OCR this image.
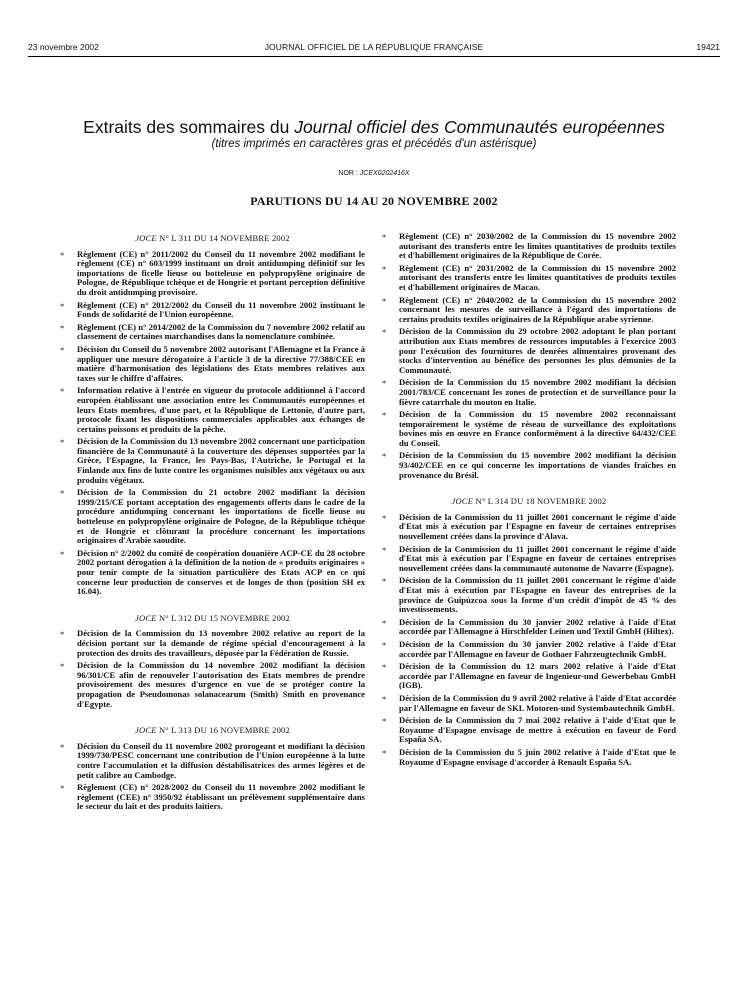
23 novembre 2002	JOURNAL OFFICIEL DE LA RÉPUBLIQUE FRANÇAISE	19421
Extraits des sommaires du Journal officiel des Communautés européennes
(titres imprimés en caractères gras et précédés d'un astérisque)
NOR : JCEX0202416X
PARUTIONS DU 14 AU 20 NOVEMBRE 2002
JOCE N° L 311 DU 14 NOVEMBRE 2002
* Règlement (CE) n° 2011/2002 du Conseil du 11 novembre 2002 modifiant le règlement (CE) n° 603/1999 instituant un droit antidumping définitif sur les importations de ficelle lieuse ou botteleuse en polypropylène originaire de Pologne, de République tchèque et de Hongrie et portant perception définitive du droit antidumping provisoire.
* Règlement (CE) n° 2012/2002 du Conseil du 11 novembre 2002 instituant le Fonds de solidarité de l'Union européenne.
* Règlement (CE) n° 2014/2002 de la Commission du 7 novembre 2002 relatif au classement de certaines marchandises dans la nomenclature combinée.
* Décision du Conseil du 5 novembre 2002 autorisant l'Allemagne et la France à appliquer une mesure dérogatoire à l'article 3 de la directive 77/388/CEE en matière d'harmonisation des législations des Etats membres relatives aux taxes sur le chiffre d'affaires.
* Information relative à l'entrée en vigueur du protocole additionnel à l'accord européen établissant une association entre les Communautés européennes et leurs Etats membres, d'une part, et la République de Lettonie, d'autre part, protocole fixant les dispositions commerciales applicables aux échanges de certains poissons et produits de la pêche.
* Décision de la Commission du 13 novembre 2002 concernant une participation financière de la Communauté à la couverture des dépenses supportées par la Grèce, l'Espagne, la France, les Pays-Bas, l'Autriche, le Portugal et la Finlande aux fins de lutte contre les organismes nuisibles aux végétaux ou aux produits végétaux.
* Décision de la Commission du 21 octobre 2002 modifiant la décision 1999/215/CE portant acceptation des engagements offerts dans le cadre de la procédure antidumping concernant les importations de ficelle lieuse ou botteleuse en polypropylène originaire de Pologne, de la République tchèque et de Hongrie et clôturant la procédure concernant les importations originaires d'Arabie saoudite.
* Décision n° 2/2002 du comité de coopération douanière ACP-CE du 28 octobre 2002 portant dérogation à la définition de la notion de « produits originaires » pour tenir compte de la situation particulière des Etats ACP en ce qui concerne leur production de conserves et de longes de thon (position SH ex 16.04).
JOCE N° L 312 DU 15 NOVEMBRE 2002
* Décision de la Commission du 13 novembre 2002 relative au report de la décision portant sur la demande de régime spécial d'encouragement à la protection des droits des travailleurs, déposée par la Fédération de Russie.
* Décision de la Commission du 14 novembre 2002 modifiant la décision 96/301/CE afin de renouveler l'autorisation des Etats membres de prendre provisoirement des mesures d'urgence en vue de se protéger contre la propagation de Pseudomonas solanacearum (Smith) Smith en provenance d'Egypte.
JOCE N° L 313 DU 16 NOVEMBRE 2002
* Décision du Conseil du 11 novembre 2002 prorogeant et modifiant la décision 1999/730/PESC concernant une contribution de l'Union européenne à la lutte contre l'accumulation et la diffusion déstabilisatrices des armes légères et de petit calibre au Cambodge.
* Règlement (CE) n° 2028/2002 du Conseil du 11 novembre 2002 modifiant le règlement (CEE) n° 3950/92 établissant un prélèvement supplémentaire dans le secteur du lait et des produits laitiers.
* Règlement (CE) n° 2030/2002 de la Commission du 15 novembre 2002 autorisant des transferts entre les limites quantitatives de produits textiles et d'habillement originaires de la République de Corée.
* Règlement (CE) n° 2031/2002 de la Commission du 15 novembre 2002 autorisant des transferts entre les limites quantitatives de produits textiles et d'habillement originaires de Macao.
* Règlement (CE) n° 2040/2002 de la Commission du 15 novembre 2002 concernant les mesures de surveillance à l'égard des importations de certains produits textiles originaires de la République arabe syrienne.
* Décision de la Commission du 29 octobre 2002 adoptant le plan portant attribution aux Etats membres de ressources imputables à l'exercice 2003 pour l'exécution des fournitures de denrées alimentaires provenant des stocks d'intervention au bénéfice des personnes les plus démunies de la Communauté.
* Décision de la Commission du 15 novembre 2002 modifiant la décision 2001/783/CE concernant les zones de protection et de surveillance pour la fièvre catarrhale du mouton en Italie.
* Décision de la Commission du 15 novembre 2002 reconnaissant temporairement le système de réseau de surveillance des exploitations bovines mis en œuvre en France conformément à la directive 64/432/CEE du Conseil.
* Décision de la Commission du 15 novembre 2002 modifiant la décision 93/402/CEE en ce qui concerne les importations de viandes fraîches en provenance du Brésil.
JOCE N° L 314 DU 18 NOVEMBRE 2002
* Décision de la Commission du 11 juillet 2001 concernant le régime d'aide d'Etat mis à exécution par l'Espagne en faveur de certaines entreprises nouvellement créées dans la province d'Alava.
* Décision de la Commission du 11 juillet 2001 concernant le régime d'aide d'Etat mis à exécution par l'Espagne en faveur de certaines entreprises nouvellement créées dans la communauté autonome de Navarre (Espagne).
* Décision de la Commission du 11 juillet 2001 concernant le régime d'aide d'Etat mis à exécution par l'Espagne en faveur des entreprises de la province de Guipúzcoa sous la forme d'un crédit d'impôt de 45 % des investissements.
* Décision de la Commission du 30 janvier 2002 relative à l'aide d'Etat accordée par l'Allemagne à Hirschfelder Leinen und Textil GmbH (Hiltex).
* Décision de la Commission du 30 janvier 2002 relative à l'aide d'Etat accordée par l'Allemagne en faveur de Gothaer Fahrzeugtechnik GmbH.
* Décision de la Commission du 12 mars 2002 relative à l'aide d'Etat accordée par l'Allemagne en faveur de Ingenieur-und Gewerbebau GmbH (IGB).
* Décision de la Commission du 9 avril 2002 relative à l'aide d'Etat accordée par l'Allemagne en faveur de SKL Motoren-und Systembautechnik GmbH.
* Décision de la Commission du 7 mai 2002 relative à l'aide d'Etat que le Royaume d'Espagne envisage de mettre à exécution en faveur de Ford España SA.
* Décision de la Commission du 5 juin 2002 relative à l'aide d'Etat que le Royaume d'Espagne envisage d'accorder à Renault España SA.
